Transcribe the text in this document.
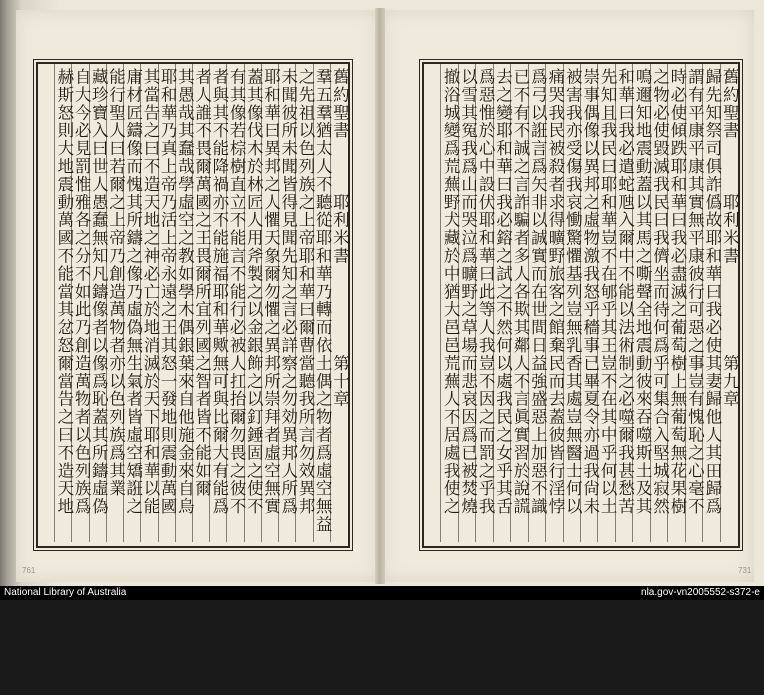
舊約聖書　　　耶利米書　　　　　第十章　　　　　　　　　　　七百二十七
羣五羣猶太人不聽從耶和華乃轉而依土偶之物者爲虛空無益
之先祖以色列族之上帝耶和華曰爾曹當聽我所言勿效異邦
未聞彼所未聞皆得見聞先知之言必詳察之勿効異邦人所爲
耶和華曰異邦之人懼天象爾勿懼之異邦所崇拜者虛空無實
蓋其像伐木於林匠人用斧製之以金銀飾之以釘錘固之使不
有其像若棕樹直立不能言不能行必被人扛抬爾勿畏之彼不
者與其不能降禍亦不能施福耶和華歟無可與比爾大有能爲
者人誰不畏爾萬國之王畏爾所宜列國之智者皆不能如爾
其愚哉其蠢哉學虛空之教如學木偶銀葉來自他施金來自烏
耶和華乃真上帝乃活上帝永遠之王其怒一發地則震動萬國
其當告之曰不造天地之神必亡於地消滅於天下耶和華以能
庸材匠鑄像而愧其所鑄之像乃虛偽無生氣者皆虛空矯誑之
能行聖人曰若爾之上帝乃創造萬物者亦以色列族爲其業
藏珍寶入曰世人愚蠢無知凡鑄像者以像爲恥蓋其所鑄虛偽
自大今必見罰惟雅各之分不如此乃創造萬物者以色列族爲
赫斯怒則大地震動萬國不能當其忿怒爾當告之曰不造天地	舊約聖書　　　耶利米書　　　　　第九章　　　　　　　　　　　七百二十六
歸先知祭司俱詐僞故耶和華曰我必使其妻歸他人其田歸爲
謂有平康平康其實無平康彼行可惡之事豈有愧恥之心毫不
時必使傾跌耶和華曰我必盡滅之葡萄樹上無葡萄無花果樹
之物必使毀滅我民曰我儕坐而待何爲乎可集合入堅城寂然
鳴邇知地震動蓋以其馬之嘶聲全地震動彼來吞噬斯土及其
和華曰我必遣蛇虺入爾中不能以法術制之必噬爾我甚愁苦
先知且我民曰耶和華豈不在郇乎其王豈不在其中乎何以土
崇事偶像以異邦之虛物激我怒乎穡事已畢夏令亦過我尙未
被害我亦受傷我哀慟驚懼基列豈無乳香其處豈無醫士何以
痛哭我民被殺者求得曠野旅客之館棄民而去蓋彼皆行淫悖
爲弓以誑言爲矢非以誠實而在世間日益強盛惡上加惡不識
已不有不誠之言詐騙者多人各欺其鄰人不言眞實習於說謊
去之變耶和華曰我必鎔之試之不然何以處我民之女乎其舌
爲惡惟於心中設伏耶和華曰此等人我豈不因之而罰之乎我
以雪其冤我爲山而哭泣爲曠野之草場而悲哀因爲已被焚燒
撤浴城變爲荒蕪野犬藏於中猶大邑邑荒蕪人不居處我使之
761	731
National Library of Australia	nla.gov-vn2005552-s372-e
